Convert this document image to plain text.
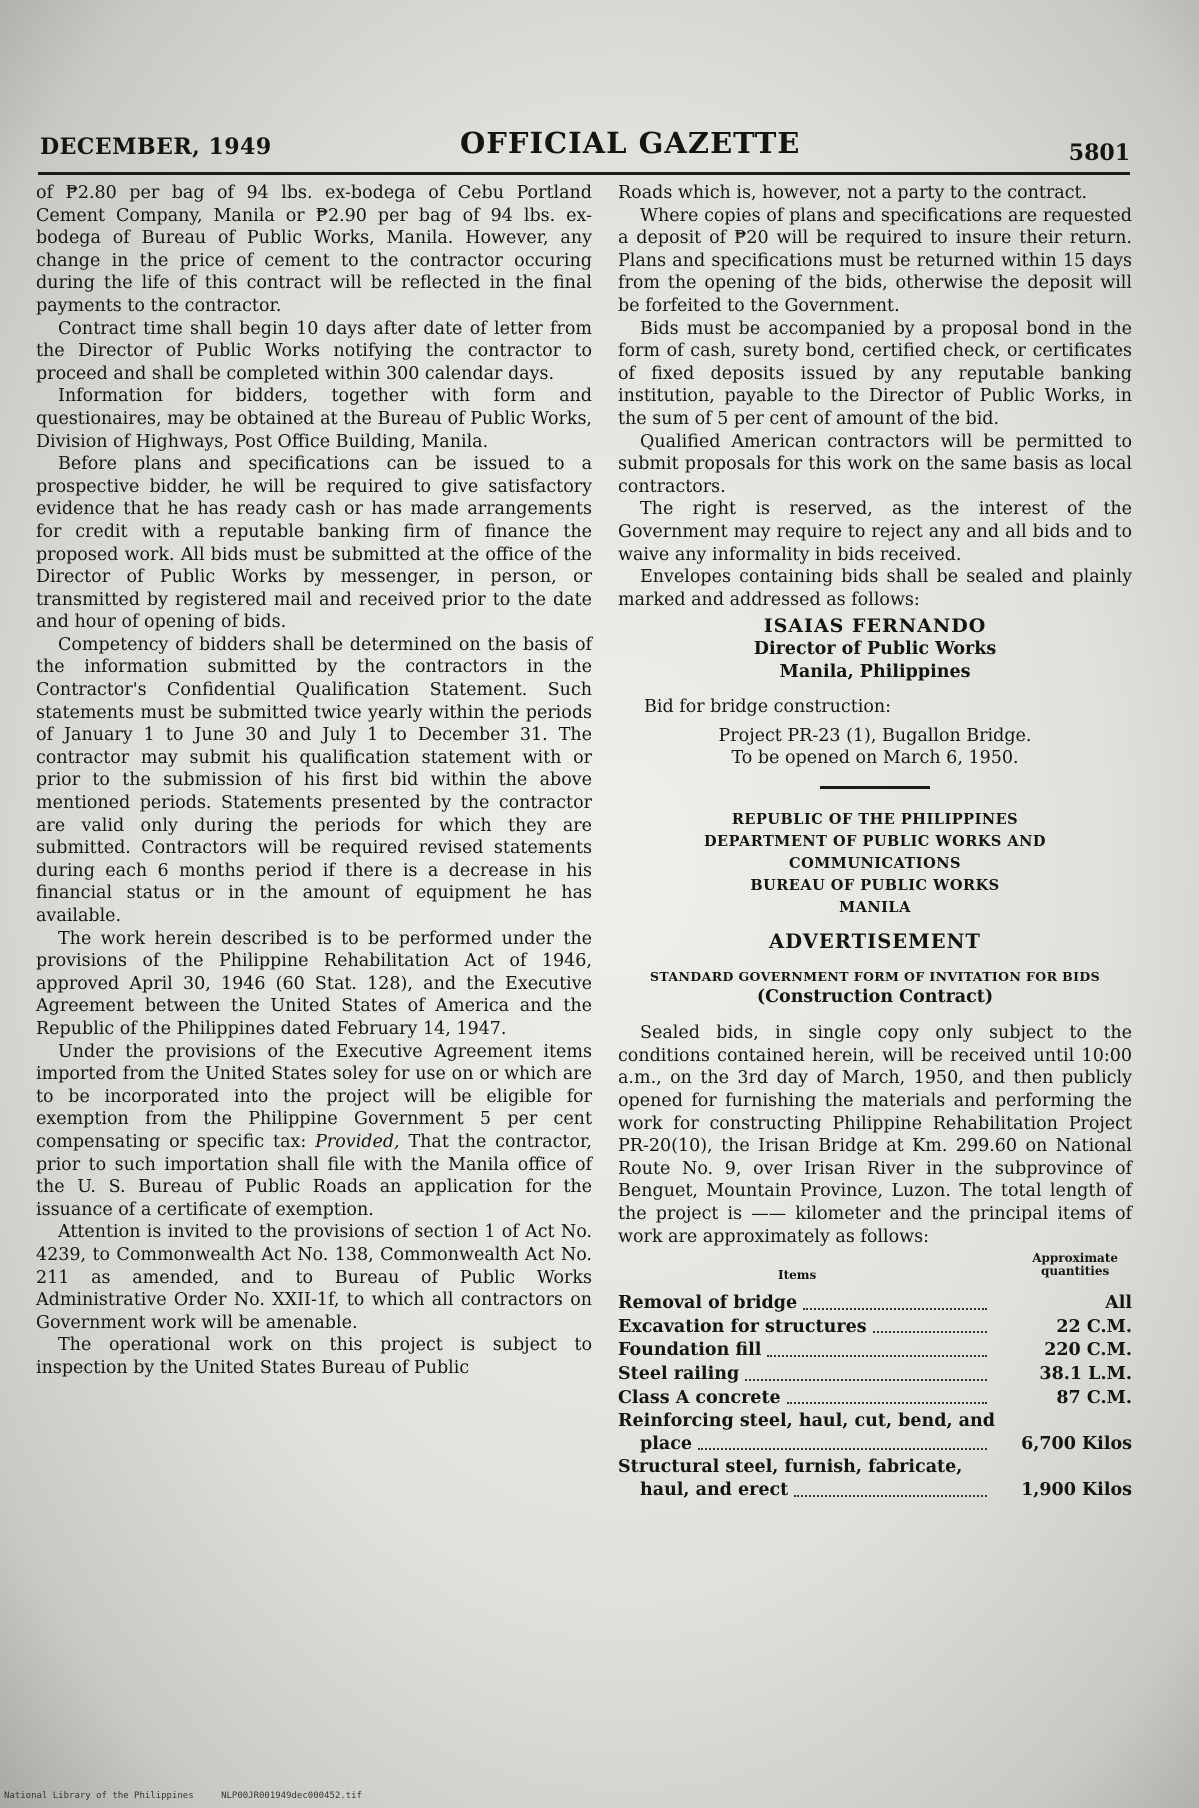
DECEMBER, 1949	OFFICIAL GAZETTE	5801

of ₱2.80 per bag of 94 lbs. ex-bodega of Cebu Portland Cement Company, Manila or ₱2.90 per bag of 94 lbs. ex-bodega of Bureau of Public Works, Manila. However, any change in the price of cement to the contractor occuring during the life of this contract will be reflected in the final payments to the contractor.

Contract time shall begin 10 days after date of letter from the Director of Public Works notifying the contractor to proceed and shall be completed within 300 calendar days.

Information for bidders, together with form and questionaires, may be obtained at the Bureau of Public Works, Division of Highways, Post Office Building, Manila.

Before plans and specifications can be issued to a prospective bidder, he will be required to give satisfactory evidence that he has ready cash or has made arrangements for credit with a reputable banking firm of finance the proposed work. All bids must be submitted at the office of the Director of Public Works by messenger, in person, or transmitted by registered mail and received prior to the date and hour of opening of bids.

Competency of bidders shall be determined on the basis of the information submitted by the contractors in the Contractor's Confidential Qualification Statement. Such statements must be submitted twice yearly within the periods of January 1 to June 30 and July 1 to December 31. The contractor may submit his qualification statement with or prior to the submission of his first bid within the above mentioned periods. Statements presented by the contractor are valid only during the periods for which they are submitted. Contractors will be required revised statements during each 6 months period if there is a decrease in his financial status or in the amount of equipment he has available.

The work herein described is to be performed under the provisions of the Philippine Rehabilitation Act of 1946, approved April 30, 1946 (60 Stat. 128), and the Executive Agreement between the United States of America and the Republic of the Philippines dated February 14, 1947.

Under the provisions of the Executive Agreement items imported from the United States soley for use on or which are to be incorporated into the project will be eligible for exemption from the Philippine Government 5 per cent compensating or specific tax: Provided, That the contractor, prior to such importation shall file with the Manila office of the U. S. Bureau of Public Roads an application for the issuance of a certificate of exemption.

Attention is invited to the provisions of section 1 of Act No. 4239, to Commonwealth Act No. 138, Commonwealth Act No. 211 as amended, and to Bureau of Public Works Administrative Order No. XXII-1f, to which all contractors on Government work will be amenable.

The operational work on this project is subject to inspection by the United States Bureau of Public

Roads which is, however, not a party to the contract.

Where copies of plans and specifications are requested a deposit of ₱20 will be required to insure their return. Plans and specifications must be returned within 15 days from the opening of the bids, otherwise the deposit will be forfeited to the Government.

Bids must be accompanied by a proposal bond in the form of cash, surety bond, certified check, or certificates of fixed deposits issued by any reputable banking institution, payable to the Director of Public Works, in the sum of 5 per cent of amount of the bid.

Qualified American contractors will be permitted to submit proposals for this work on the same basis as local contractors.

The right is reserved, as the interest of the Government may require to reject any and all bids and to waive any informality in bids received.

Envelopes containing bids shall be sealed and plainly marked and addressed as follows:

ISAIAS FERNANDO
Director of Public Works
Manila, Philippines
Bid for bridge construction:
Project PR-23 (1), Bugallon Bridge.
To be opened on March 6, 1950.
REPUBLIC OF THE PHILIPPINES
DEPARTMENT OF PUBLIC WORKS AND COMMUNICATIONS
BUREAU OF PUBLIC WORKS
MANILA
ADVERTISEMENT
STANDARD GOVERNMENT FORM OF INVITATION FOR BIDS
(Construction Contract)

Sealed bids, in single copy only subject to the conditions contained herein, will be received until 10:00 a.m., on the 3rd day of March, 1950, and then publicly opened for furnishing the materials and performing the work for constructing Philippine Rehabilitation Project PR-20(10), the Irisan Bridge at Km. 299.60 on National Route No. 9, over Irisan River in the subprovince of Benguet, Mountain Province, Luzon. The total length of the project is —— kilometer and the principal items of work are approximately as follows:

Items
Approximate
quantities
Removal of bridge	All
Excavation for structures	22 C.M.
Foundation fill	220 C.M.
Steel railing	38.1 L.M.
Class A concrete	87 C.M.
Reinforcing steel, haul, cut, bend, and
place	6,700 Kilos
Structural steel, furnish, fabricate,
haul, and erect	1,900 Kilos
National Library of the Philippines	NLP00JR001949dec000452.tif
